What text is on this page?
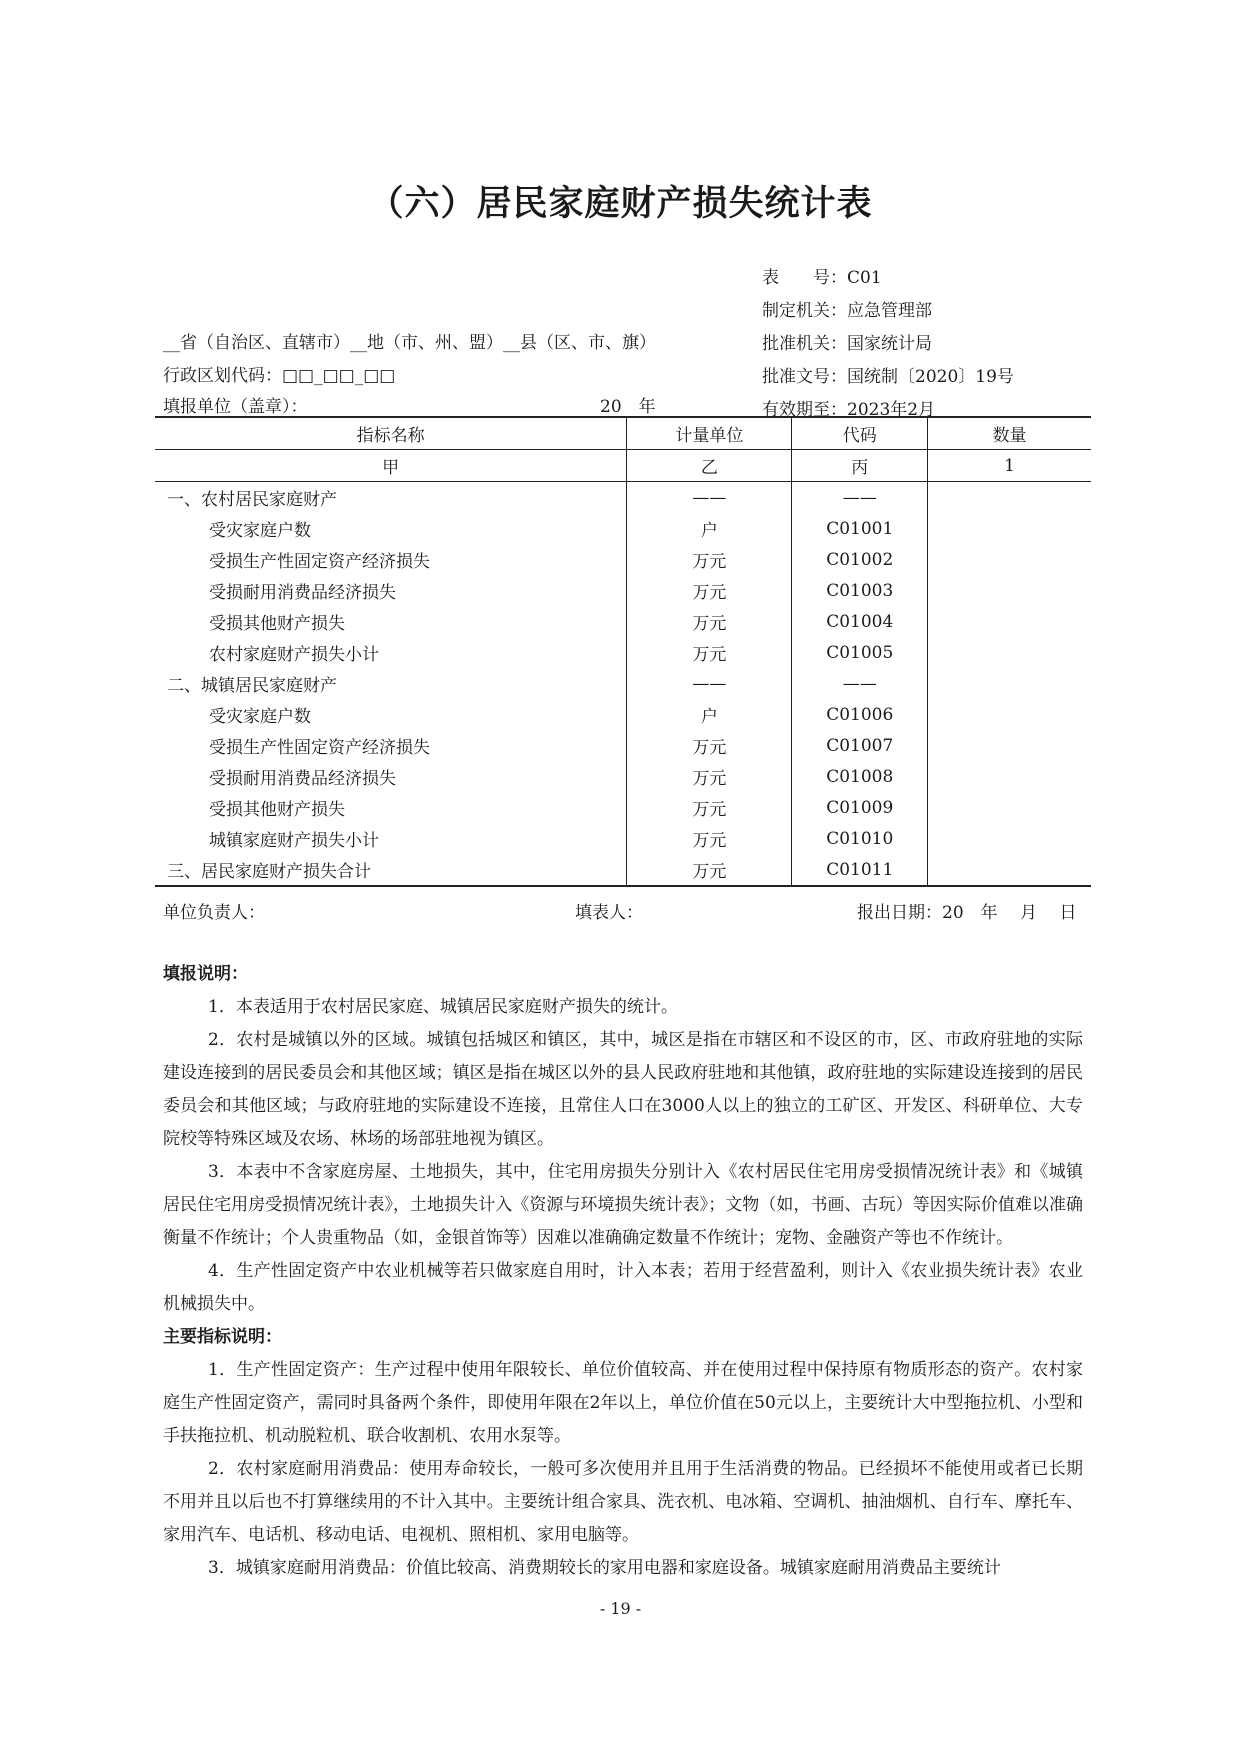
（六）居民家庭财产损失统计表
表　　号：C01
制定机关：应急管理部
批准机关：国家统计局
批准文号：国统制〔2020〕19号
有效期至：2023年2月
__省（自治区、直辖市）__地（市、州、盟）__县（区、市、旗）
行政区划代码：□□_□□_□□
填报单位（盖章）：	20　年
指标名称	计量单位	代码	数量
甲	乙	丙	1
一、农村居民家庭财产	——	——	
受灾家庭户数	户	C01001	
受损生产性固定资产经济损失	万元	C01002	
受损耐用消费品经济损失	万元	C01003	
受损其他财产损失	万元	C01004	
农村家庭财产损失小计	万元	C01005	
二、城镇居民家庭财产	——	——	
受灾家庭户数	户	C01006	
受损生产性固定资产经济损失	万元	C01007	
受损耐用消费品经济损失	万元	C01008	
受损其他财产损失	万元	C01009	
城镇家庭财产损失小计	万元	C01010	
三、居民家庭财产损失合计	万元	C01011	
单位负责人：	填表人：	报出日期：20　年　 月　 日
填报说明：

1．本表适用于农村居民家庭、城镇居民家庭财产损失的统计。

2．农村是城镇以外的区域。城镇包括城区和镇区，其中，城区是指在市辖区和不设区的市，区、市政府驻地的实际建设连接到的居民委员会和其他区域；镇区是指在城区以外的县人民政府驻地和其他镇，政府驻地的实际建设连接到的居民委员会和其他区域；与政府驻地的实际建设不连接，且常住人口在3000人以上的独立的工矿区、开发区、科研单位、大专院校等特殊区域及农场、林场的场部驻地视为镇区。

3．本表中不含家庭房屋、土地损失，其中，住宅用房损失分别计入《农村居民住宅用房受损情况统计表》和《城镇居民住宅用房受损情况统计表》，土地损失计入《资源与环境损失统计表》；文物（如，书画、古玩）等因实际价值难以准确衡量不作统计；个人贵重物品（如，金银首饰等）因难以准确确定数量不作统计；宠物、金融资产等也不作统计。

4．生产性固定资产中农业机械等若只做家庭自用时，计入本表；若用于经营盈利，则计入《农业损失统计表》农业机械损失中。

主要指标说明：

1．生产性固定资产：生产过程中使用年限较长、单位价值较高、并在使用过程中保持原有物质形态的资产。农村家庭生产性固定资产，需同时具备两个条件，即使用年限在2年以上，单位价值在50元以上，主要统计大中型拖拉机、小型和手扶拖拉机、机动脱粒机、联合收割机、农用水泵等。

2．农村家庭耐用消费品：使用寿命较长，一般可多次使用并且用于生活消费的物品。已经损坏不能使用或者已长期不用并且以后也不打算继续用的不计入其中。主要统计组合家具、洗衣机、电冰箱、空调机、抽油烟机、自行车、摩托车、家用汽车、电话机、移动电话、电视机、照相机、家用电脑等。

3．城镇家庭耐用消费品：价值比较高、消费期较长的家用电器和家庭设备。城镇家庭耐用消费品主要统计

- 19 -
